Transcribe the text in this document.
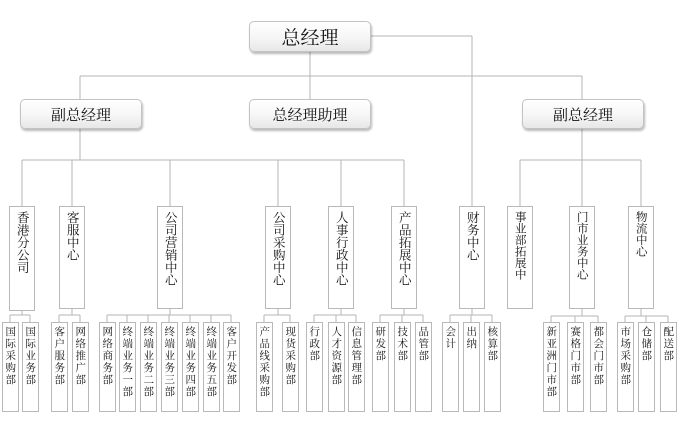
总经理
副总经理	总经理助理	副总经理
香港分公司	客服中心	公司营销中心	公司采购中心	人事行政中心	产品拓展中心	财务中心	事业部拓展中	门市业务中心	物流中心
国际采购部 国际业务部 客户服务部 网络推广部 网络商务部 终端业务一部 终端业务二部 终端业务三部 终端业务四部 终端业务五部 客户开发部 产品线采购部 现货采购部 行政部 人才资源部 信息管理部 研发部 技术部 品管部 会计 出纳 核算部	新亚洲门市部 赛格门市部 都会门市部 市场采购部 仓储部 配送部
